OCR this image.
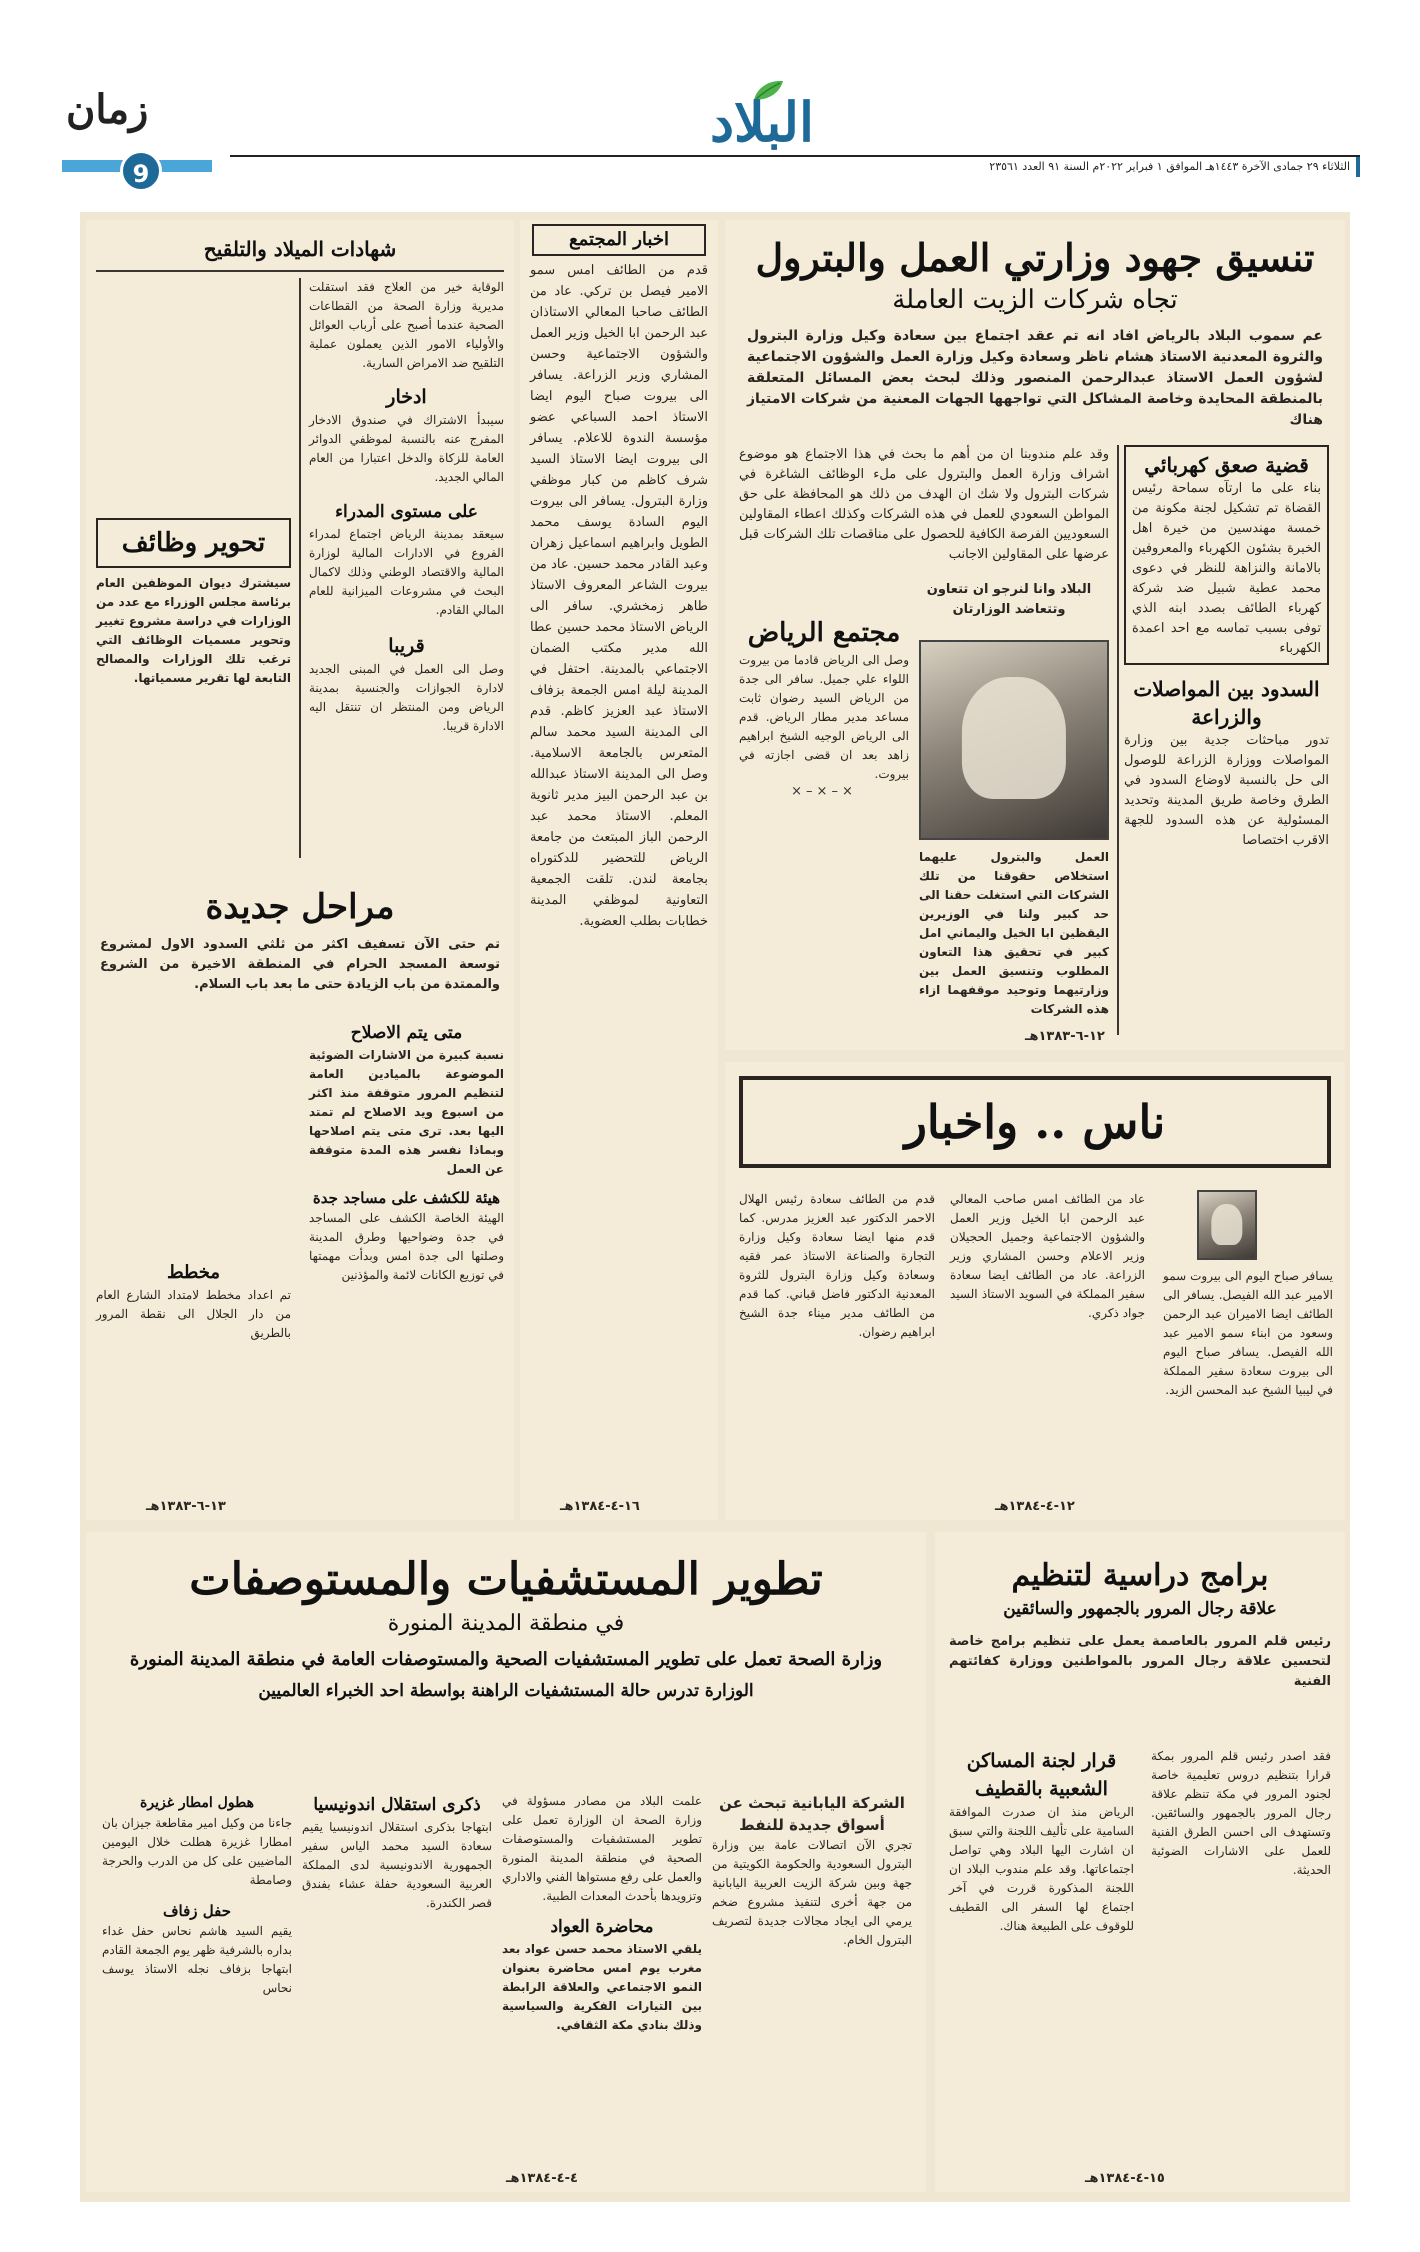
البلاد
الثلاثاء ٢٩ جمادى الآخرة ١٤٤٣هـ الموافق ١ فبراير ٢٠٢٢م السنة ٩١ العدد ٢٣٥٦١
زمان
9
تنسيق جهود وزارتي العمل والبترول
تجاه شركات الزيت العاملة

عم سموب البلاد بالرياض افاد انه تم عقد اجتماع بين سعادة وكيل وزارة البترول والثروة المعدنية الاستاذ هشام ناظر وسعادة وكيل وزارة العمل والشؤون الاجتماعية لشؤون العمل الاستاذ عبدالرحمن المنصور وذلك لبحث بعض المسائل المتعلقة بالمنطقة المحايدة وخاصة المشاكل التي تواجهها الجهات المعنية من شركات الامتياز هناك

قضية صعق كهربائي

بناء على ما ارتآه سماحة رئيس القضاة تم تشكيل لجنة مكونة من خمسة مهندسين من خيرة اهل الخبرة بشئون الكهرباء والمعروفين بالامانة والنزاهة للنظر في دعوى محمد عطية شبيل ضد شركة كهرباء الطائف بصدد ابنه الذي توفى بسبب تماسه مع احد اعمدة الكهرباء

السدود بين المواصلات والزراعة

تدور مباحثات جدية بين وزارة المواصلات ووزارة الزراعة للوصول الى حل بالنسبة لاوضاع السدود في الطرق وخاصة طريق المدينة وتحديد المسئولية عن هذه السدود للجهة الاقرب اختصاصا

وقد علم مندوبنا ان من أهم ما بحث في هذا الاجتماع هو موضوع اشراف وزارة العمل والبترول على ملء الوظائف الشاغرة في شركات البترول ولا شك ان الهدف من ذلك هو المحافظة على حق المواطن السعودي للعمل في هذه الشركات وكذلك اعطاء المقاولين السعوديين الفرصة الكافية للحصول على مناقصات تلك الشركات قبل عرضها على المقاولين الاجانب

البلاد وانا لنرجو ان تتعاون وتتعاضد الوزارتان

العمل والبترول عليهما استخلاص حقوقنا من تلك الشركات التي استغلت حقنا الى حد كبير ولنا في الوزيرين اليقظين ابا الخيل واليماني امل كبير في تحقيق هذا التعاون المطلوب وتنسيق العمل بين وزارتيهما وتوحيد موقفهما ازاء هذه الشركات

مجتمع الرياض

وصل الى الرياض قادما من بيروت اللواء علي جميل. سافر الى جدة من الرياض السيد رضوان ثابت مساعد مدير مطار الرياض. قدم الى الرياض الوجيه الشيخ ابراهيم زاهد بعد ان قضى اجازته في بيروت.

×–×–×
١٢-٦-١٣٨٣هـ
اخبار المجتمع

قدم من الطائف امس سمو الامير فيصل بن تركي. عاد من الطائف صاحبا المعالي الاستاذان عبد الرحمن ابا الخيل وزير العمل والشؤون الاجتماعية وحسن المشاري وزير الزراعة. يسافر الى بيروت صباح اليوم ايضا الاستاذ احمد السباعي عضو مؤسسة الندوة للاعلام. يسافر الى بيروت ايضا الاستاذ السيد شرف كاظم من كبار موظفي وزارة البترول. يسافر الى بيروت اليوم السادة يوسف محمد الطويل وابراهيم اسماعيل زهران وعبد القادر محمد حسين. عاد من بيروت الشاعر المعروف الاستاذ طاهر زمخشري. سافر الى الرياض الاستاذ محمد حسين عطا الله مدير مكتب الضمان الاجتماعي بالمدينة. احتفل في المدينة ليلة امس الجمعة بزفاف الاستاذ عبد العزيز كاظم. قدم الى المدينة السيد محمد سالم المتعرس بالجامعة الاسلامية. وصل الى المدينة الاستاذ عبدالله بن عبد الرحمن البيز مدير ثانوية المعلم. الاستاذ محمد عبد الرحمن الباز المبتعث من جامعة الرياض للتحضير للدكتوراه بجامعة لندن. تلقت الجمعية التعاونية لموظفي المدينة خطابات بطلب العضوية.

١٦-٤-١٣٨٤هـ
شهادات الميلاد والتلقيح

الوقاية خير من العلاج فقد استقلت مديرية وزارة الصحة من القطاعات الصحية عندما أصبح على أرباب العوائل والأولياء الامور الذين يعملون عملية التلقيح ضد الامراض السارية.

ادخار

سيبدأ الاشتراك في صندوق الادخار المفرج عنه بالنسبة لموظفي الدوائر العامة للزكاة والدخل اعتبارا من العام المالي الجديد.

على مستوى المدراء

سيعقد بمدينة الرياض اجتماع لمدراء الفروع في الادارات المالية لوزارة المالية والاقتصاد الوطني وذلك لاكمال البحث في مشروعات الميزانية للعام المالي القادم.

قريبا

وصل الى العمل في المبنى الجديد لادارة الجوازات والجنسية بمدينة الرياض ومن المنتظر ان تنتقل اليه الادارة قريبا.

تحوير وظائف

سيشترك ديوان الموظفين العام برئاسة مجلس الوزراء مع عدد من الوزارات في دراسة مشروع تغيير وتحوير مسميات الوظائف التي ترغب تلك الوزارات والمصالح التابعة لها تقرير مسمياتها.

مراحل جديدة

تم حتى الآن تسفيف اكثر من ثلثي السدود الاول لمشروع توسعة المسجد الحرام في المنطقة الاخيرة من الشروع والممتدة من باب الزيادة حتى ما بعد باب السلام.

متى يتم الاصلاح

نسبة كبيرة من الاشارات الضوئية الموضوعة بالميادين العامة لتنظيم المرور متوقفة منذ اكثر من اسبوع ويد الاصلاح لم تمتد اليها بعد. ترى متى يتم اصلاحها وبماذا نفسر هذه المدة متوقفة عن العمل

هيئة للكشف على مساجد جدة

الهيئة الخاصة الكشف على المساجد في جدة وضواحيها وطرق المدينة وصلتها الى جدة امس وبدأت مهمتها في توزيع الكانات لائمة والمؤذنين

مخطط

تم اعداد مخطط لامتداد الشارع العام من دار الجلال الى نقطة المرور بالطريق

١٣-٦-١٣٨٣هـ
ناس .. واخبار

يسافر صباح اليوم الى بيروت سمو الامير عبد الله الفيصل. يسافر الى الطائف ايضا الاميران عبد الرحمن وسعود من ابناء سمو الامير عبد الله الفيصل. يسافر صباح اليوم الى بيروت سعادة سفير المملكة في ليبيا الشيخ عبد المحسن الزيد.

عاد من الطائف امس صاحب المعالي عبد الرحمن ابا الخيل وزير العمل والشؤون الاجتماعية وجميل الحجيلان وزير الاعلام وحسن المشاري وزير الزراعة. عاد من الطائف ايضا سعادة سفير المملكة في السويد الاستاذ السيد جواد ذكري.

قدم من الطائف سعادة رئيس الهلال الاحمر الدكتور عبد العزيز مدرس. كما قدم منها ايضا سعادة وكيل وزارة التجارة والصناعة الاستاذ عمر فقيه وسعادة وكيل وزارة البترول للثروة المعدنية الدكتور فاضل قباني. كما قدم من الطائف مدير ميناء جدة الشيخ ابراهيم رضوان.

١٢-٤-١٣٨٤هـ
تطوير المستشفيات والمستوصفات
في منطقة المدينة المنورة
وزارة الصحة تعمل على تطوير المستشفيات الصحية والمستوصفات العامة في منطقة المدينة المنورة
الوزارة تدرس حالة المستشفيات الراهنة بواسطة احد الخبراء العالميين

الشركة اليابانية تبحث عن أسواق جديدة للنفط

تجري الآن اتصالات عامة بين وزارة البترول السعودية والحكومة الكويتية من جهة وبين شركة الزيت العربية اليابانية من جهة أخرى لتنفيذ مشروع ضخم يرمي الى ايجاد مجالات جديدة لتصريف البترول الخام.

علمت البلاد من مصادر مسؤولة في وزارة الصحة ان الوزارة تعمل على تطوير المستشفيات والمستوصفات الصحية في منطقة المدينة المنورة والعمل على رفع مستواها الفني والاداري وتزويدها بأحدث المعدات الطبية.

محاضرة العواد

يلقي الاستاذ محمد حسن عواد بعد مغرب يوم امس محاضرة بعنوان النمو الاجتماعي والعلاقة الرابطة بين التيارات الفكرية والسياسية وذلك بنادي مكة الثقافي.

ذكرى استقلال اندونيسيا

ابتهاجا بذكرى استقلال اندونيسيا يقيم سعادة السيد محمد الياس سفير الجمهورية الاندونيسية لدى المملكة العربية السعودية حفلة عشاء بفندق قصر الكندرة.

هطول امطار غزيرة

جاءنا من وكيل امير مقاطعة جيزان بان امطارا غزيرة هطلت خلال اليومين الماضيين على كل من الدرب والحرجة وصامطة

حفل زفاف

يقيم السيد هاشم نحاس حفل غداء بداره بالشرفية ظهر يوم الجمعة القادم ابتهاجا بزفاف نجله الاستاذ يوسف نحاس

٤-٤-١٣٨٤هـ
برامج دراسية لتنظيم
علاقة رجال المرور بالجمهور والسائقين

رئيس قلم المرور بالعاصمة يعمل على تنظيم برامج خاصة لتحسين علاقة رجال المرور بالمواطنين ووزارة كفائتهم الفنية

فقد اصدر رئيس قلم المرور بمكة قرارا بتنظيم دروس تعليمية خاصة لجنود المرور في مكة تنظم علاقة رجال المرور بالجمهور والسائقين. وتستهدف الى احسن الطرق الفنية للعمل على الاشارات الضوئية الحديثة.

قرار لجنة المساكن الشعبية بالقطيف

الرياض منذ ان صدرت الموافقة السامية على تأليف اللجنة والتي سبق ان اشارت اليها البلاد وهي تواصل اجتماعاتها. وقد علم مندوب البلاد ان اللجنة المذكورة قررت في آخر اجتماع لها السفر الى القطيف للوقوف على الطبيعة هناك.

١٥-٤-١٣٨٤هـ
